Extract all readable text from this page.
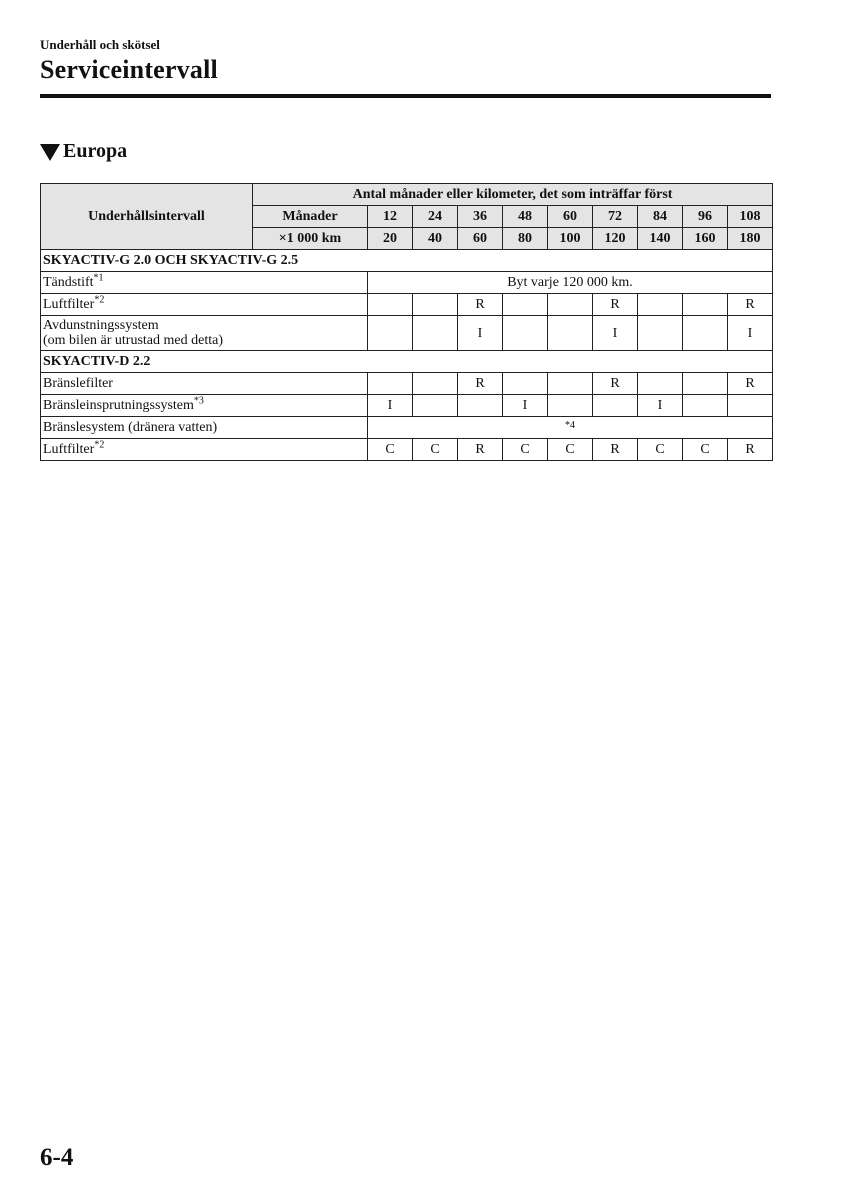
Underhåll och skötsel
Serviceintervall
Europa
Underhållsintervall	Antal månader eller kilometer, det som inträffar först									
	Månader	12	24	36	48	60	72	84	96	108
	×1 000 km	20	40	60	80	100	120	140	160	180
SKYACTIV-G 2.0 OCH SKYACTIV-G 2.5										
Tändstift$^{*1}$		Byt varje 120 000 km.								
Luftfilter$^{*2}$				R			R			R
Avdunstningssystem
(om bilen är utrustad med detta)				I			I			I
SKYACTIV-D 2.2										
Bränslefilter				R			R			R
Bränsleinsprutningssystem$^{*3}$		I			I			I		
Bränslesystem (dränera vatten)		*4								
Luftfilter$^{*2}$		C	C	R	C	C	R	C	C	R
6-4
